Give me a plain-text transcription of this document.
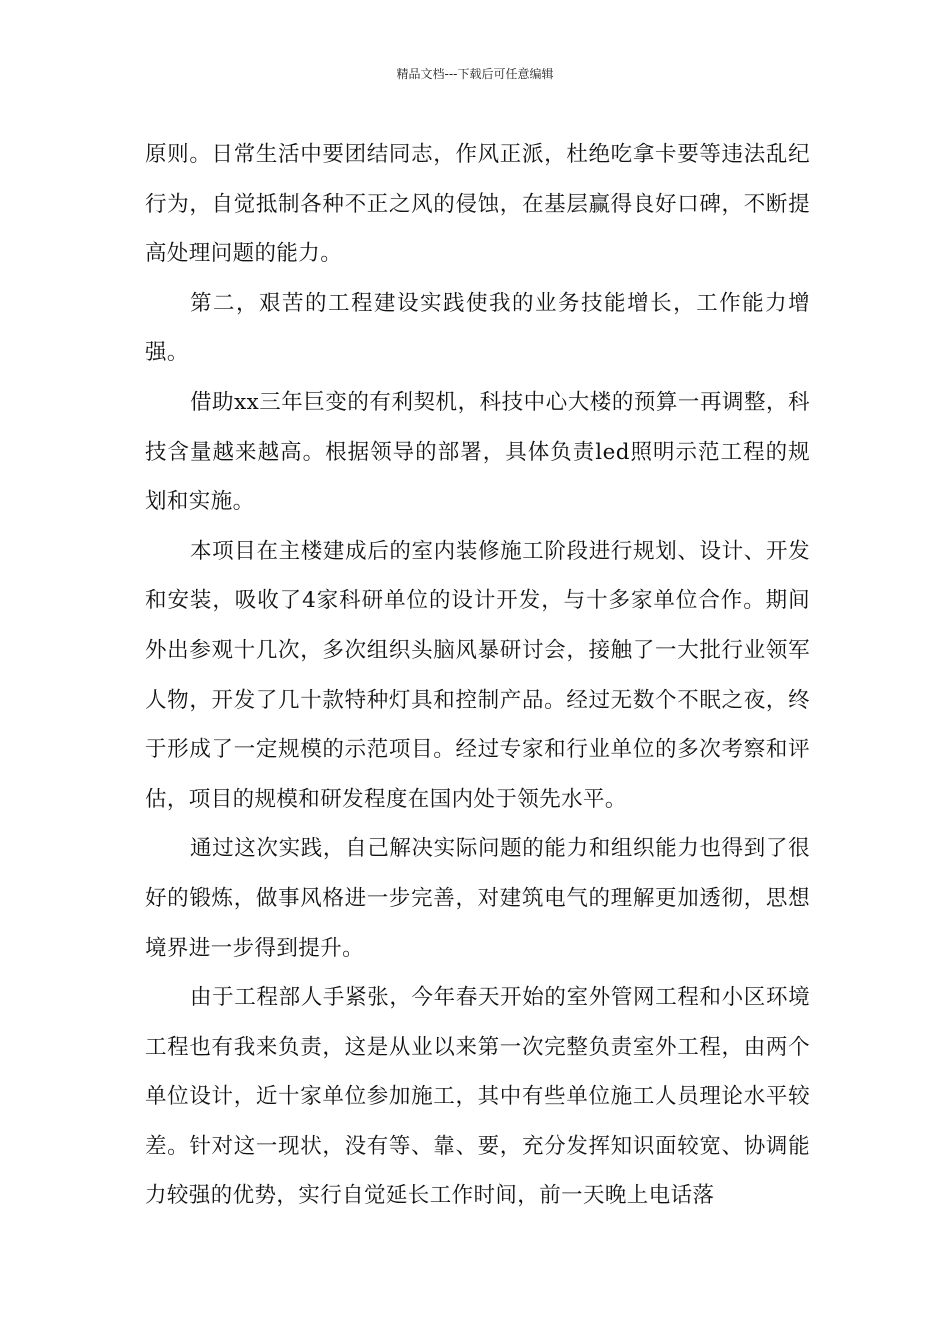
精品文档---下载后可任意编辑

原则。日常生活中要团结同志，作风正派，杜绝吃拿卡要等违法乱纪行为，自觉抵制各种不正之风的侵蚀，在基层赢得良好口碑，不断提高处理问题的能力。

第二，艰苦的工程建设实践使我的业务技能增长，工作能力增强。

借助xx三年巨变的有利契机，科技中心大楼的预算一再调整，科技含量越来越高。根据领导的部署，具体负责led照明示范工程的规划和实施。

本项目在主楼建成后的室内装修施工阶段进行规划、设计、开发和安装，吸收了4家科研单位的设计开发，与十多家单位合作。期间外出参观十几次，多次组织头脑风暴研讨会，接触了一大批行业领军人物，开发了几十款特种灯具和控制产品。经过无数个不眠之夜，终于形成了一定规模的示范项目。经过专家和行业单位的多次考察和评估，项目的规模和研发程度在国内处于领先水平。

通过这次实践，自己解决实际问题的能力和组织能力也得到了很好的锻炼，做事风格进一步完善，对建筑电气的理解更加透彻，思想境界进一步得到提升。

由于工程部人手紧张，今年春天开始的室外管网工程和小区环境工程也有我来负责，这是从业以来第一次完整负责室外工程，由两个单位设计，近十家单位参加施工，其中有些单位施工人员理论水平较差。针对这一现状，没有等、靠、要，充分发挥知识面较宽、协调能力较强的优势，实行自觉延长工作时间，前一天晚上电话落
